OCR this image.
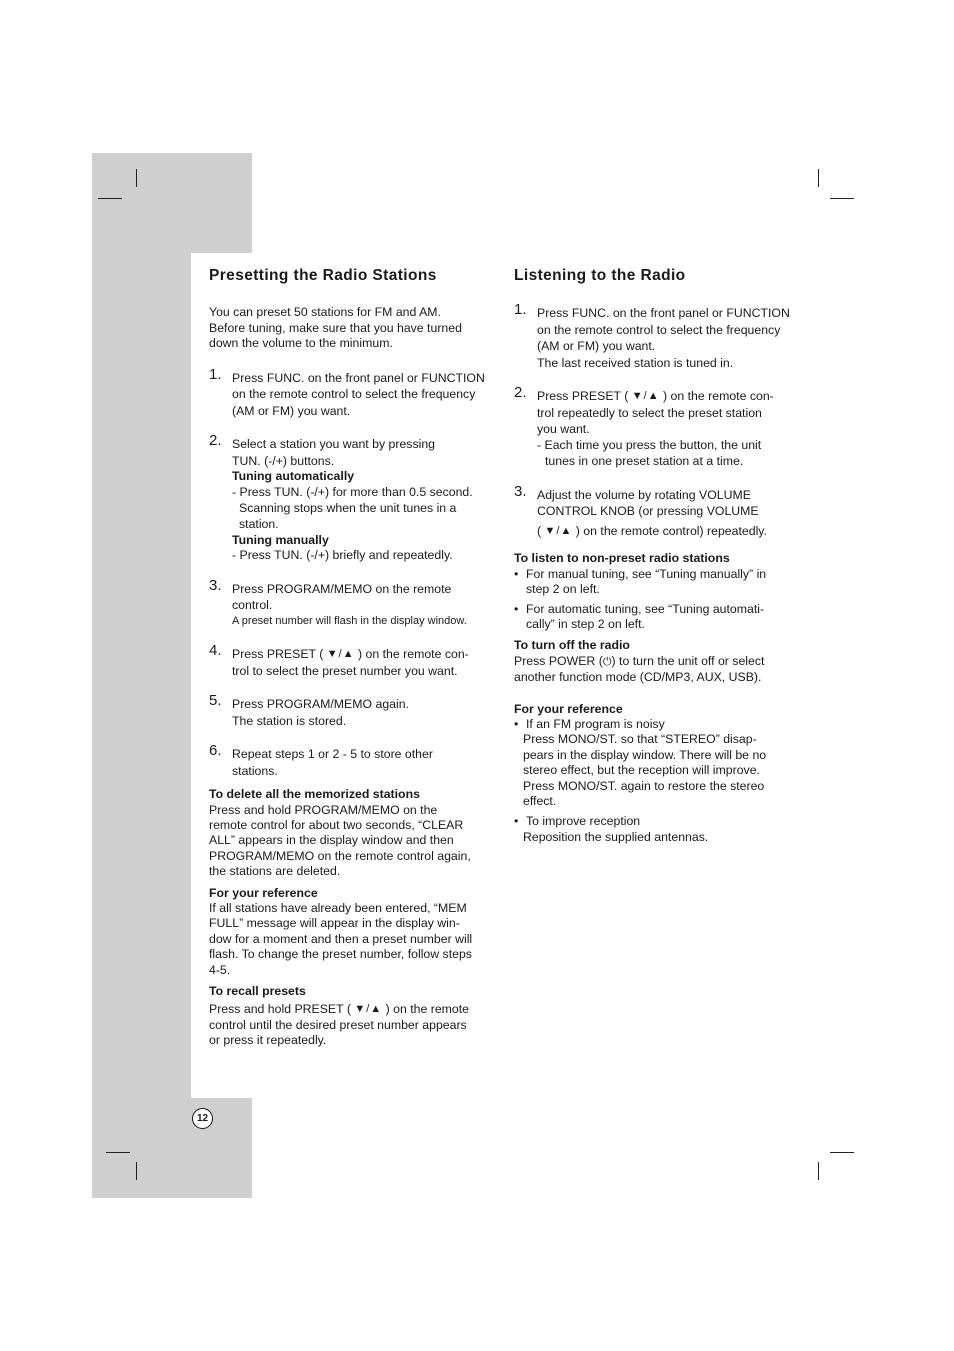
Presetting the Radio Stations

You can preset 50 stations for FM and AM.
Before tuning, make sure that you have turned
down the volume to the minimum.

1. Press FUNC. on the front panel or FUNCTION
on the remote control to select the frequency
(AM or FM) you want.
2. Select a station you want by pressing
TUN. (-/+) buttons.
Tuning automatically
- Press TUN. (-/+) for more than 0.5 second.
Scanning stops when the unit tunes in a
station.
Tuning manually
- Press TUN. (-/+) briefly and repeatedly.
3. Press PROGRAM/MEMO on the remote
control.
A preset number will flash in the display window.
4. Press PRESET ( ▼/▲ ) on the remote con-
trol to select the preset number you want.
5. Press PROGRAM/MEMO again.
The station is stored.
6. Repeat steps 1 or 2 - 5 to store other
stations.
To delete all the memorized stations
Press and hold PROGRAM/MEMO on the
remote control for about two seconds, “CLEAR
ALL” appears in the display window and then
PROGRAM/MEMO on the remote control again,
the stations are deleted.
For your reference
If all stations have already been entered, “MEM
FULL” message will appear in the display win-
dow for a moment and then a preset number will
flash. To change the preset number, follow steps
4-5.
To recall presets
Press and hold PRESET ( ▼/▲ ) on the remote
control until the desired preset number appears
or press it repeatedly.
Listening to the Radio
1. Press FUNC. on the front panel or FUNCTION
on the remote control to select the frequency
(AM or FM) you want.
The last received station is tuned in.
2. Press PRESET ( ▼/▲ ) on the remote con-
trol repeatedly to select the preset station
you want.
- Each time you press the button, the unit
tunes in one preset station at a time.
3. Adjust the volume by rotating VOLUME
CONTROL KNOB (or pressing VOLUME
( ▼/▲ ) on the remote control) repeatedly.
To listen to non-preset radio stations
• For manual tuning, see “Tuning manually” in
step 2 on left.
• For automatic tuning, see “Tuning automati-
cally” in step 2 on left.
To turn off the radio
Press POWER (⏻) to turn the unit off or select
another function mode (CD/MP3, AUX, USB).
For your reference
• If an FM program is noisy
Press MONO/ST. so that “STEREO” disap-
pears in the display window. There will be no
stereo effect, but the reception will improve.
Press MONO/ST. again to restore the stereo
effect.
• To improve reception
Reposition the supplied antennas.
12
